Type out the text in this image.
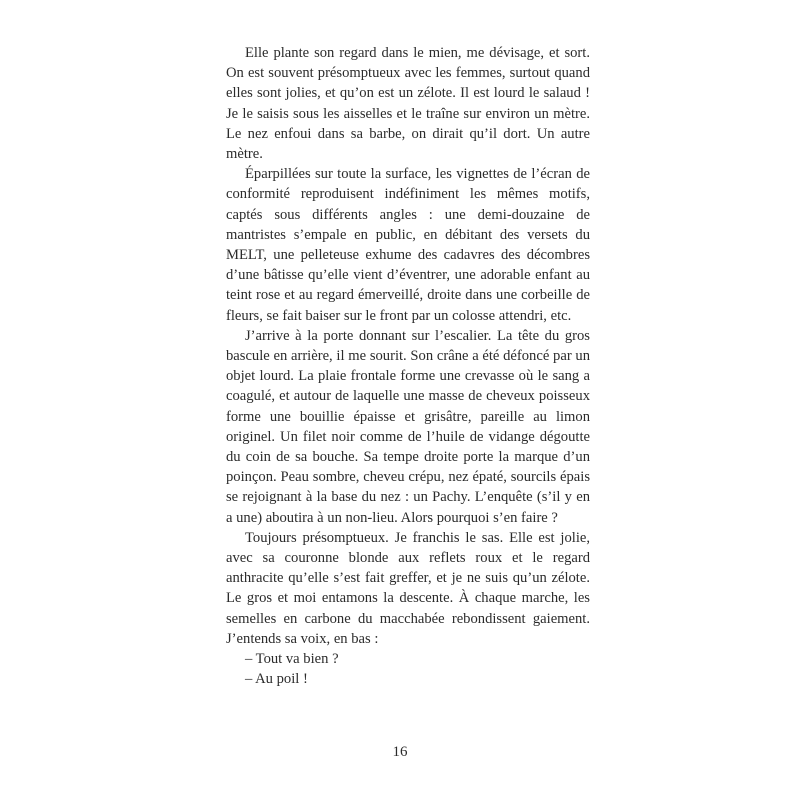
Elle plante son regard dans le mien, me dévisage, et sort. On est souvent présomptueux avec les femmes, surtout quand elles sont jolies, et qu’on est un zélote. Il est lourd le salaud ! Je le saisis sous les aisselles et le traîne sur environ un mètre. Le nez enfoui dans sa barbe, on dirait qu’il dort. Un autre mètre.

Éparpillées sur toute la surface, les vignettes de l’écran de conformité reproduisent indéfiniment les mêmes motifs, captés sous différents angles : une demi-douzaine de mantristes s’empale en public, en débitant des versets du MELT, une pelleteuse exhume des cadavres des décombres d’une bâtisse qu’elle vient d’éventrer, une adorable enfant au teint rose et au regard émerveillé, droite dans une corbeille de fleurs, se fait baiser sur le front par un colosse attendri, etc.

J’arrive à la porte donnant sur l’escalier. La tête du gros bascule en arrière, il me sourit. Son crâne a été défoncé par un objet lourd. La plaie frontale forme une crevasse où le sang a coagulé, et autour de laquelle une masse de cheveux poisseux forme une bouillie épaisse et grisâtre, pareille au limon originel. Un filet noir comme de l’huile de vidange dégoutte du coin de sa bouche. Sa tempe droite porte la marque d’un poinçon. Peau sombre, cheveu crépu, nez épaté, sourcils épais se rejoignant à la base du nez : un Pachy. L’enquête (s’il y en a une) aboutira à un non-lieu. Alors pourquoi s’en faire ?

Toujours présomptueux. Je franchis le sas. Elle est jolie, avec sa couronne blonde aux reflets roux et le regard anthracite qu’elle s’est fait greffer, et je ne suis qu’un zélote. Le gros et moi entamons la descente. À chaque marche, les semelles en carbone du macchabée rebondissent gaiement. J’entends sa voix, en bas :

– Tout va bien ?

– Au poil !

16
